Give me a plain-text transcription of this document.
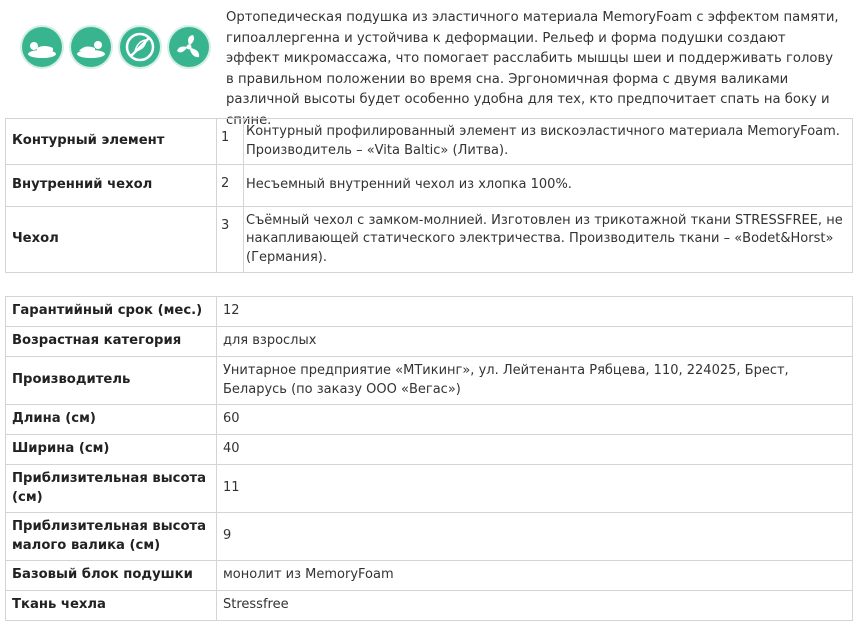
Ортопедическая подушка из эластичного материала MemoryFoam с эффектом памяти, гипоаллергенна и устойчива к деформации. Рельеф и форма подушки создают эффект микромассажа, что помогает расслабить мышцы шеи и поддерживать голову в правильном положении во время сна. Эргономичная форма с двумя валиками различной высоты будет особенно удобна для тех, кто предпочитает спать на боку и спине.

Контурный элемент	1	Контурный профилированный элемент из вискоэластичного материала MemoryFoam. Производитель – «Vita Baltic» (Литва).
Внутренний чехол	2	Несъемный внутренний чехол из хлопка 100%.
Чехол	3	Съёмный чехол с замком-молнией. Изготовлен из трикотажной ткани STRESSFREE, не накапливающей статического электричества. Производитель ткани – «Bodet&Horst» (Германия).
Гарантийный срок (мес.)	12
Возрастная категория	для взрослых
Производитель	Унитарное предприятие «МТикинг», ул. Лейтенанта Рябцева, 110, 224025, Брест, Беларусь (по заказу ООО «Вегас»)
Длина (см)	60
Ширина (см)	40
Приблизительная высота (см)	11
Приблизительная высота малого валика (см)	9
Базовый блок подушки	монолит из MemoryFoam
Ткань чехла	Stressfree
